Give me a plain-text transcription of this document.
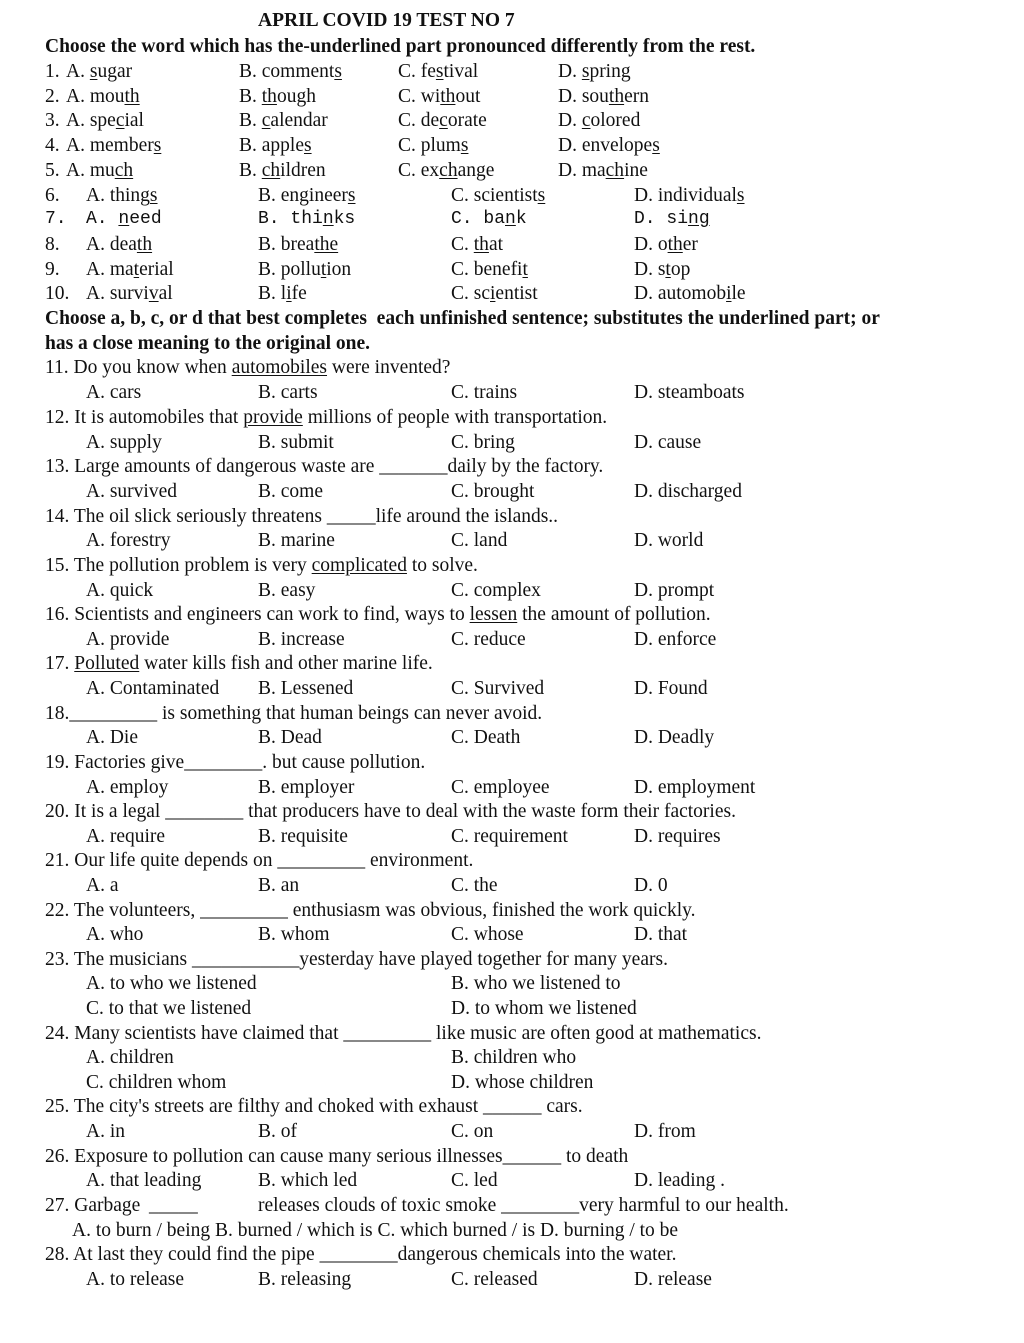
APRIL COVID 19 TEST NO 7
Choose the word which has the-underlined part pronounced differently from the rest.
1. A. sugar	B. comments	C. festival	D. spring
2. A. mouth	B. though	C. without	D. southern
3. A. special	B. calendar	C. decorate	D. colored
4. A. members	B. apples	C. plums	D. envelopes
5. A. much	B. children	C. exchange	D. machine
6. A. things	B. engineers	C. scientists	D. individuals
7. A. need	B. thinks	C. bank	D. sing
8. A. death	B. breathe	C. that	D. other
9. A. material	B. pollution	C. benefit	D. stop
10. A. survival	B. life	C. scientist	D. automobile
Choose a, b, c, or d that best completes  each unfinished sentence; substitutes the underlined part; or
has a close meaning to the original one.
11. Do you know when automobiles were invented?
A. cars	B. carts	C. trains	D. steamboats
12. It is automobiles that provide millions of people with transportation.
A. supply	B. submit	C. bring	D. cause
13. Large amounts of dangerous waste are _______daily by the factory.
A. survived	B. come	C. brought	D. discharged
14. The oil slick seriously threatens _____life around the islands..
A. forestry	B. marine	C. land	D. world
15. The pollution problem is very complicated to solve.
A. quick	B. easy	C. complex	D. prompt
16. Scientists and engineers can work to find, ways to lessen the amount of pollution.
A. provide	B. increase	C. reduce	D. enforce
17. Polluted water kills fish and other marine life.
A. Contaminated B. Lessened	C. Survived	D. Found
18._________ is something that human beings can never avoid.
A. Die	B. Dead	C. Death	D. Deadly
19. Factories give________. but cause pollution.
A. employ	B. employer	C. employee	D. employment
20. It is a legal ________ that producers have to deal with the waste form their factories.
A. require	B. requisite	C. requirement	D. requires
21. Our life quite depends on _________ environment.
A. a	B. an	C. the	D. 0
22. The volunteers, _________ enthusiasm was obvious, finished the work quickly.
A. who	B. whom	C. whose	D. that
23. The musicians ___________yesterday have played together for many years.
A. to who we listened	B. who we listened to
C. to that we listened	D. to whom we listened
24. Many scientists have claimed that _________ like music are often good at mathematics.
A. children	B. children who
C. children whom	D. whose children
25. The city's streets are filthy and choked with exhaust ______ cars.
A. in	B. of	C. on	D. from
26. Exposure to pollution can cause many serious illnesses______ to death
A. that leading	B. which led	C. led	D. leading .
27. Garbage _____	releases clouds of toxic smoke ________very harmful to our health.
A. to burn / being B. burned / which is C. which burned / is D. burning / to be
28. At last they could find the pipe ________dangerous chemicals into the water.
A. to release	B. releasing	C. released	D. release
